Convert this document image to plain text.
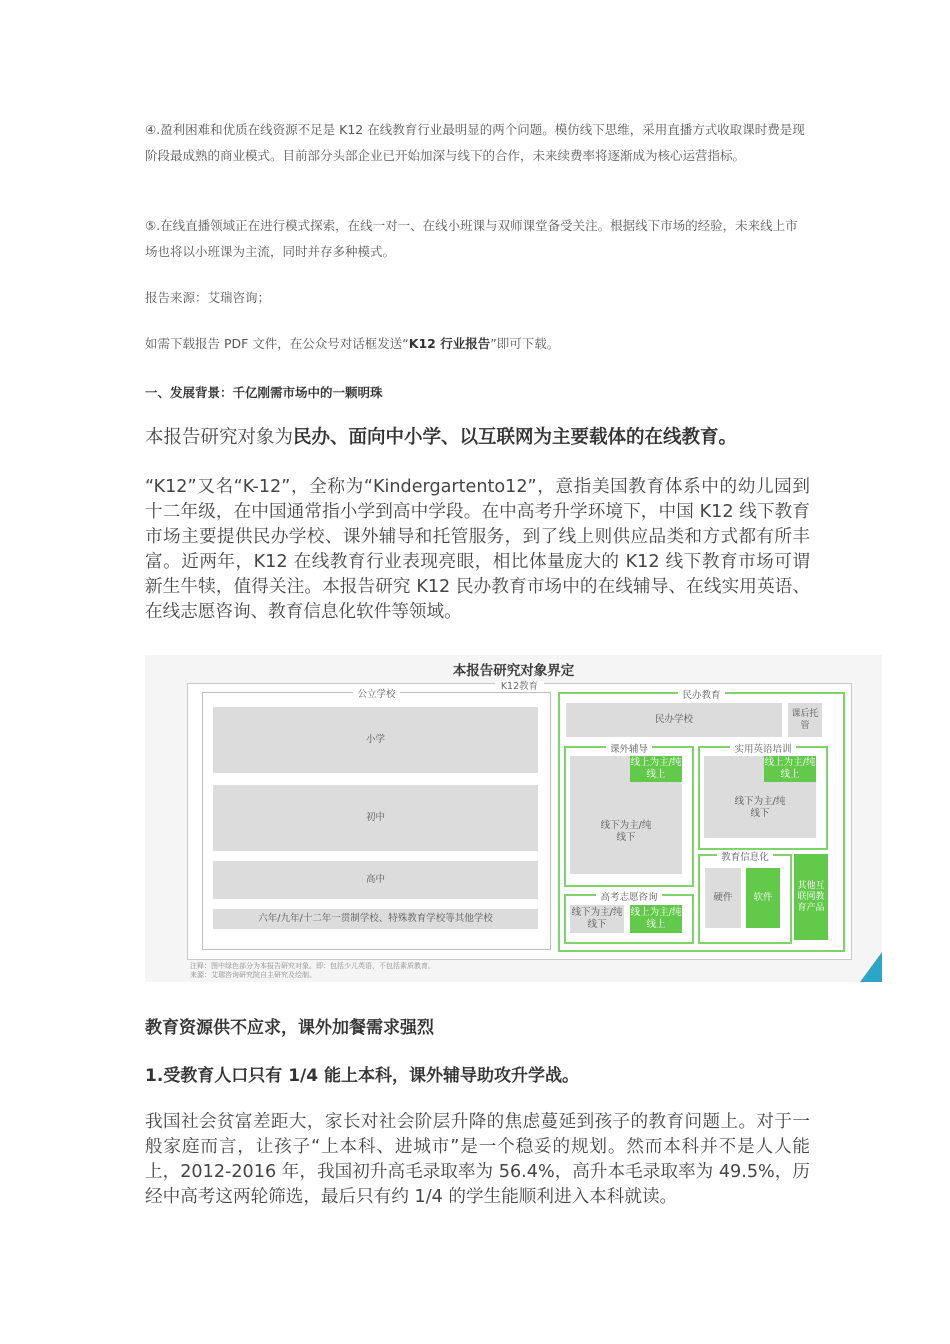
④.盈利困难和优质在线资源不足是 K12 在线教育行业最明显的两个问题。模仿线下思维，采用直播方式收取课时费是现阶段最成熟的商业模式。目前部分头部企业已开始加深与线下的合作，未来续费率将逐渐成为核心运营指标。

⑤.在线直播领域正在进行模式探索，在线一对一、在线小班课与双师课堂备受关注。根据线下市场的经验，未来线上市场也将以小班课为主流，同时并存多种模式。

报告来源：艾瑞咨询；

如需下载报告 PDF 文件，在公众号对话框发送“K12 行业报告”即可下载。

一、发展背景：千亿刚需市场中的一颗明珠

本报告研究对象为民办、面向中小学、以互联网为主要载体的在线教育。

“K12”又名“K-12”，全称为“Kindergartento12”，意指美国教育体系中的幼儿园到十二年级，在中国通常指小学到高中学段。在中高考升学环境下，中国 K12 线下教育市场主要提供民办学校、课外辅导和托管服务，到了线上则供应品类和方式都有所丰富。近两年，K12 在线教育行业表现亮眼，相比体量庞大的 K12 线下教育市场可谓新生牛犊，值得关注。本报告研究 K12 民办教育市场中的在线辅导、在线实用英语、在线志愿咨询、教育信息化软件等领域。

本报告研究对象界定
K12教育
公立学校
小学
初中
高中
六年/九年/十二年一贯制学校、特殊教育学校等其他学校
民办教育
民办学校	课后托管
课外辅导
线下为主/纯线下
线上为主/纯线上
实用英语培训
线下为主/纯线下
线上为主/纯线上
教育信息化
硬件	软件
其他互联网教育产品
高考志愿咨询
线下为主/纯线下
线上为主/纯线上
注释：图中绿色部分为本报告研究对象。即：包括少儿英语，不包括素质教育。
来源：艾瑞咨询研究院自主研究及绘制。

教育资源供不应求，课外加餐需求强烈

1.受教育人口只有 1/4 能上本科，课外辅导助攻升学战。

我国社会贫富差距大，家长对社会阶层升降的焦虑蔓延到孩子的教育问题上。对于一般家庭而言，让孩子“上本科、进城市”是一个稳妥的规划。然而本科并不是人人能上，2012-2016 年，我国初升高毛录取率为 56.4%，高升本毛录取率为 49.5%，历经中高考这两轮筛选，最后只有约 1/4 的学生能顺利进入本科就读。
